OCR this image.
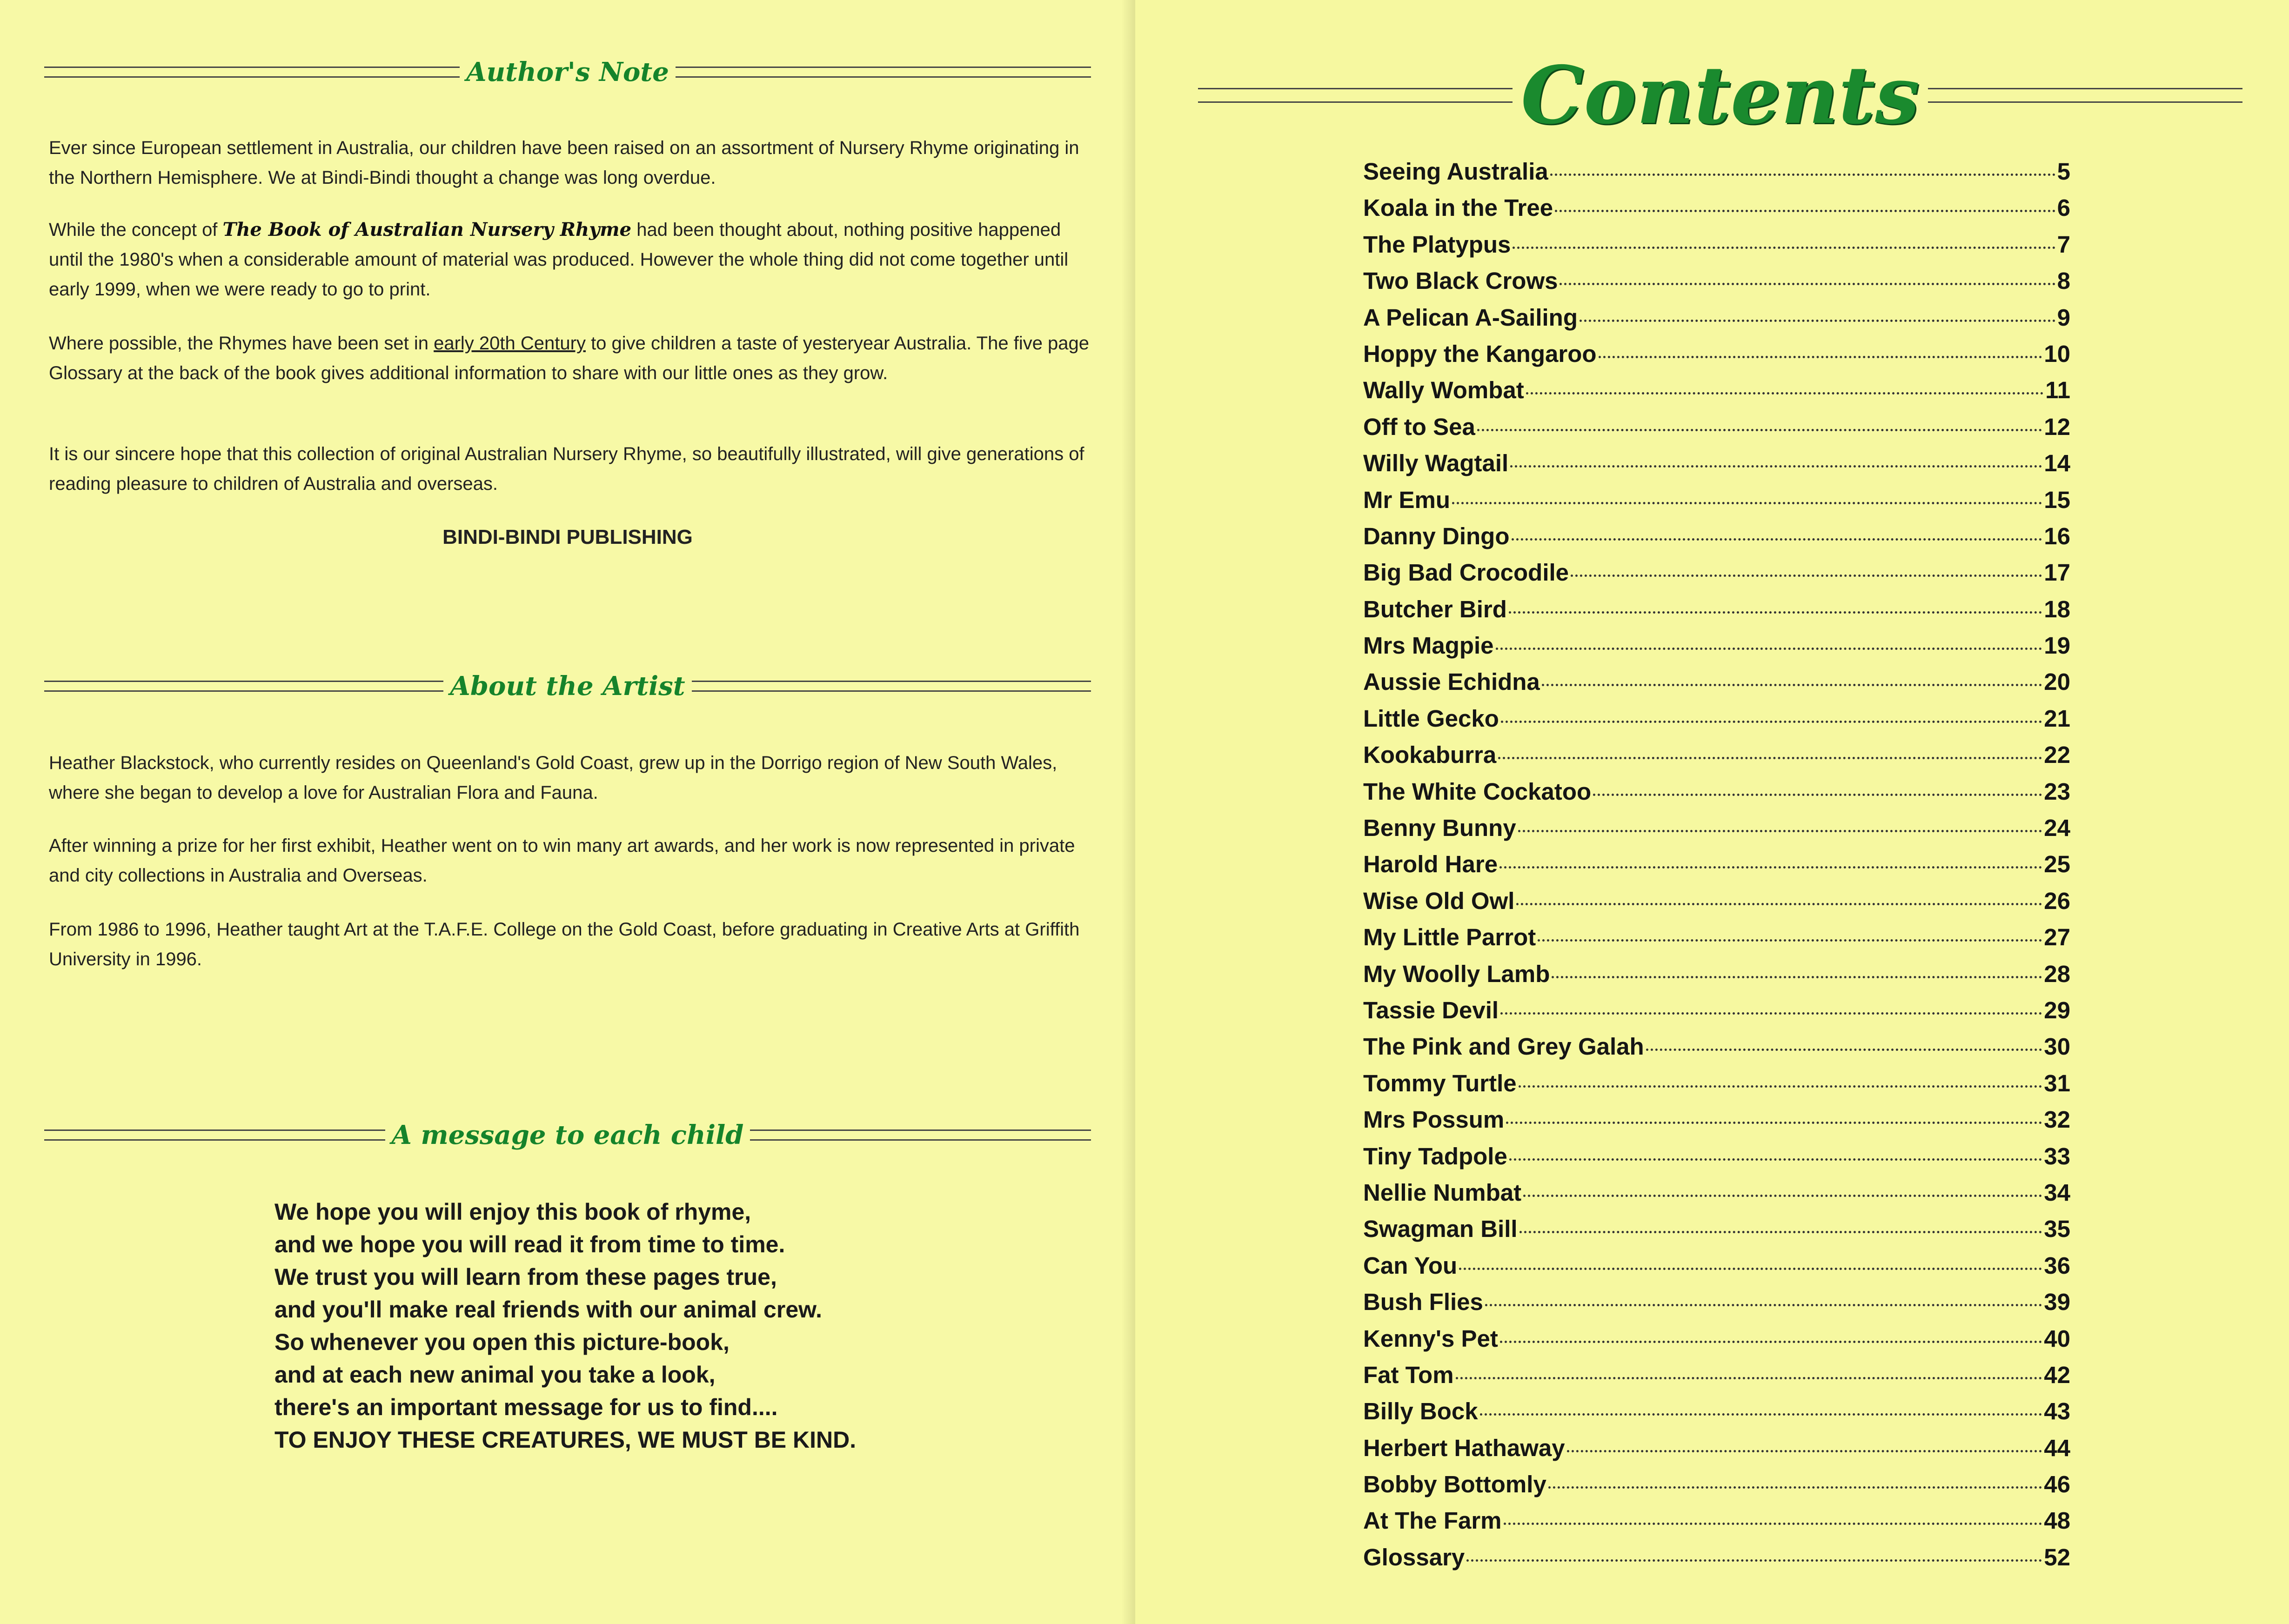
Author's Note
Ever since European settlement in Australia, our children have been raised on an assortment of Nursery Rhyme originating in the Northern Hemisphere. We at Bindi-Bindi thought a change was long overdue.
While the concept of The Book of Australian Nursery Rhyme had been thought about, nothing positive happened until the 1980's when a considerable amount of material was produced. However the whole thing did not come together until early 1999, when we were ready to go to print.
Where possible, the Rhymes have been set in early 20th Century to give children a taste of yesteryear Australia. The five page Glossary at the back of the book gives additional information to share with our little ones as they grow.
It is our sincere hope that this collection of original Australian Nursery Rhyme, so beautifully illustrated, will give generations of reading pleasure to children of Australia and overseas.
BINDI-BINDI PUBLISHING
About the Artist
Heather Blackstock, who currently resides on Queenland's Gold Coast, grew up in the Dorrigo region of New South Wales, where she began to develop a love for Australian Flora and Fauna.
After winning a prize for her first exhibit, Heather went on to win many art awards, and her work is now represented in private and city collections in Australia and Overseas.
From 1986 to 1996, Heather taught Art at the T.A.F.E. College on the Gold Coast, before graduating in Creative Arts at Griffith University in 1996.
A message to each child
We hope you will enjoy this book of rhyme,
and we hope you will read it from time to time.
We trust you will learn from these pages true,
and you'll make real friends with our animal crew.
So whenever you open this picture-book,
and at each new animal you take a look,
there's an important message for us to find....
TO ENJOY THESE CREATURES, WE MUST BE KIND.
Contents
Seeing Australia	5
Koala in the Tree	6
The Platypus	7
Two Black Crows	8
A Pelican A-Sailing	9
Hoppy the Kangaroo	10
Wally Wombat	11
Off to Sea	12
Willy Wagtail	14
Mr Emu	15
Danny Dingo	16
Big Bad Crocodile	17
Butcher Bird	18
Mrs Magpie	19
Aussie Echidna	20
Little Gecko	21
Kookaburra	22
The White Cockatoo	23
Benny Bunny	24
Harold Hare	25
Wise Old Owl	26
My Little Parrot	27
My Woolly Lamb	28
Tassie Devil	29
The Pink and Grey Galah	30
Tommy Turtle	31
Mrs Possum	32
Tiny Tadpole	33
Nellie Numbat	34
Swagman Bill	35
Can You	36
Bush Flies	39
Kenny's Pet	40
Fat Tom	42
Billy Bock	43
Herbert Hathaway	44
Bobby Bottomly	46
At The Farm	48
Glossary	52
